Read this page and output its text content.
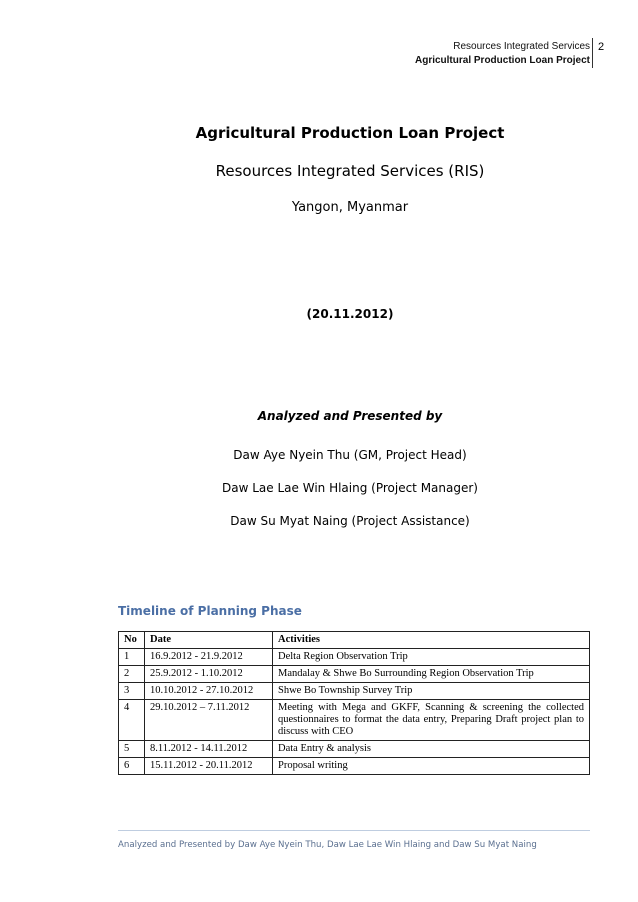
Resources Integrated Services
Agricultural Production Loan Project
2
Agricultural Production Loan Project
Resources Integrated Services (RIS)
Yangon, Myanmar
(20.11.2012)
Analyzed and Presented by
Daw Aye Nyein Thu (GM, Project Head)
Daw Lae Lae Win Hlaing (Project Manager)
Daw Su Myat Naing (Project Assistance)
Timeline of Planning Phase
No	Date	Activities
1	16.9.2012 - 21.9.2012	Delta Region Observation Trip
2	25.9.2012 - 1.10.2012	Mandalay & Shwe Bo Surrounding Region Observation Trip
3	10.10.2012 - 27.10.2012	Shwe Bo Township Survey Trip
4	29.10.2012 – 7.11.2012	Meeting with Mega and GKFF, Scanning & screening the collected questionnaires to format the data entry, Preparing Draft project plan to discuss with CEO
5	8.11.2012 - 14.11.2012	Data Entry & analysis
6	15.11.2012 - 20.11.2012	Proposal writing
Analyzed and Presented by Daw Aye Nyein Thu, Daw Lae Lae Win Hlaing and Daw Su Myat Naing
